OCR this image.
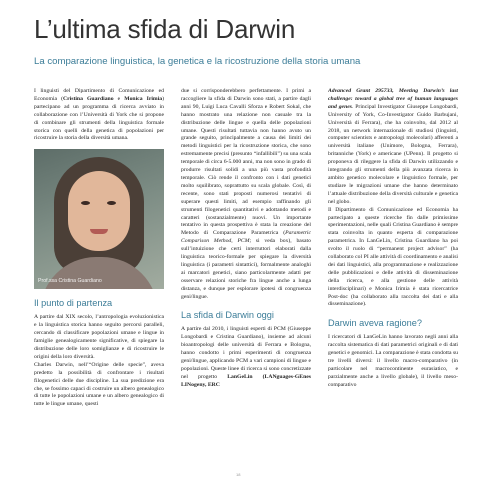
L’ultima sfida di Darwin

La comparazione linguistica, la genetica e la ricostruzione della storia umana

I linguisti del Dipartimento di Comunicazione ed Economia (Cristina Guardiano e Monica Irimia) partecipano ad un programma di ricerca avviato in collaborazione con l’Università di York che si propone di combinare gli strumenti della linguistica formale storica con quelli della genetica di popolazioni per ricostruire la storia della diversità umana.

Prof.ssa Cristina Guardiano
Il punto di partenza

A partire dal XIX secolo, l’antropologia evoluzionistica e la linguistica storica hanno seguito percorsi paralleli, cercando di classificare popolazioni umane e lingue in famiglie genealogicamente significative, di spiegare la distribuzione delle loro somiglianze e di ricostruire le origini della loro diversità.
Charles Darwin, nell’“Origine delle specie”, aveva predetto la possibilità di confrontare i risultati filogenetici delle due discipline. La sua predizione era che, se fossimo capaci di costruire un albero genealogico di tutte le popolazioni umane e un albero genealogico di tutte le lingue umane, questi

due si corrisponderebbero perfettamente. I primi a raccogliere la sfida di Darwin sono stati, a partire dagli anni 90, Luigi Luca Cavalli Sforza e Robert Sokal, che hanno mostrato una relazione non casuale tra la distribuzione delle lingue e quella delle popolazioni umane. Questi risultati tuttavia non hanno avuto un grande seguito, principalmente a causa dei limiti dei metodi linguistici per la ricostruzione storica, che sono estremamente precisi (presunto “infallibili”) su una scala temporale di circa 6-5.000 anni, ma non sono in grado di produrre risultati solidi a una più vasta profondità temporale. Ciò rende il confronto con i dati genetici molto squilibrato, soprattutto su scala globale. Così, di recente, sono stati proposti numerosi tentativi di superare questi limiti, ad esempio raffinando gli strumenti filogenetici quantitativi e adottando metodi e caratteri (sostanzialmente) nuovi. Un importante tentativo in questa prospettiva è stata la creazione del Metodo di Comparazione Parametrica (Parametric Comparison Method, PCM; si veda box), basato sull’intuizione che certi interruttori elaborati dalla linguistica teorico-formale per spiegare la diversità linguistica (i parametri sintattici), formalmente analoghi ai marcatori genetici, siano particolarmente adatti per osservare relazioni storiche fra lingue anche a lunga distanza, e dunque per esplorare ipotesi di congruenza geni/lingue.

La sfida di Darwin oggi

A partire dal 2010, i linguisti esperti di PCM (Giuseppe Longobardi e Cristina Guardiano), insieme ad alcuni bioantropologi delle università di Ferrara e Bologna, hanno condotto i primi esperimenti di congruenza geni/lingue, applicando PCM a vari campioni di lingue e popolazioni. Queste linee di ricerca si sono concretizzate nel progetto LanGeLin (LANguages-GEnes LINogeny, ERC

Advanced Grant 295733, Meeting Darwin’s last challenge: toward a global tree of human languages and genes. Principal Investigator Giuseppe Longobardi, University of York, Co-Investigator Guido Barbujani, Università di Ferrara), che ha coinvolto, dal 2012 al 2018, un network internazionale di studiosi (linguisti, computer scientists e antropologi molecolari) afferenti a università italiane (Unimore, Bologna, Ferrara), britanniche (York) e americane (UPenn). Il progetto si proponeva di rileggere la sfida di Darwin utilizzando e integrando gli strumenti della più avanzata ricerca in ambito genetico molecolare e linguistico formale, per studiare le migrazioni umane che hanno determinato l’attuale distribuzione della diversità culturale e genetica nel globo.
Il Dipartimento di Comunicazione ed Economia ha partecipato a queste ricerche fin dalle primissime sperimentazioni, nelle quali Cristina Guardiano è sempre stata coinvolta in quanto esperta di comparazione parametrica. In LanGeLin, Cristina Guardiano ha poi svolto il ruolo di “permanent project advisor” (ha collaborato col PI alle attività di coordinamento e analisi dei dati linguistici, alla programmazione e realizzazione delle pubblicazioni e delle attività di disseminazione della ricerca, e alla gestione delle attività interdisciplinari) e Monica Irimia è stata ricercatrice Post-doc (ha collaborato alla raccolta dei dati e alla disseminazione).

Darwin aveva ragione?

I ricercatori di LanGeLin hanno lavorato negli anni alla raccolta sistematica di dati parametrici originali e di dati genetici e genomici. La comparazione è stata condotta su tre livelli diversi: il livello macro-comparativo (in particolare nel macrocontinente eurasiatico, e parzialmente anche a livello globale), il livello meso-comparativo

18
